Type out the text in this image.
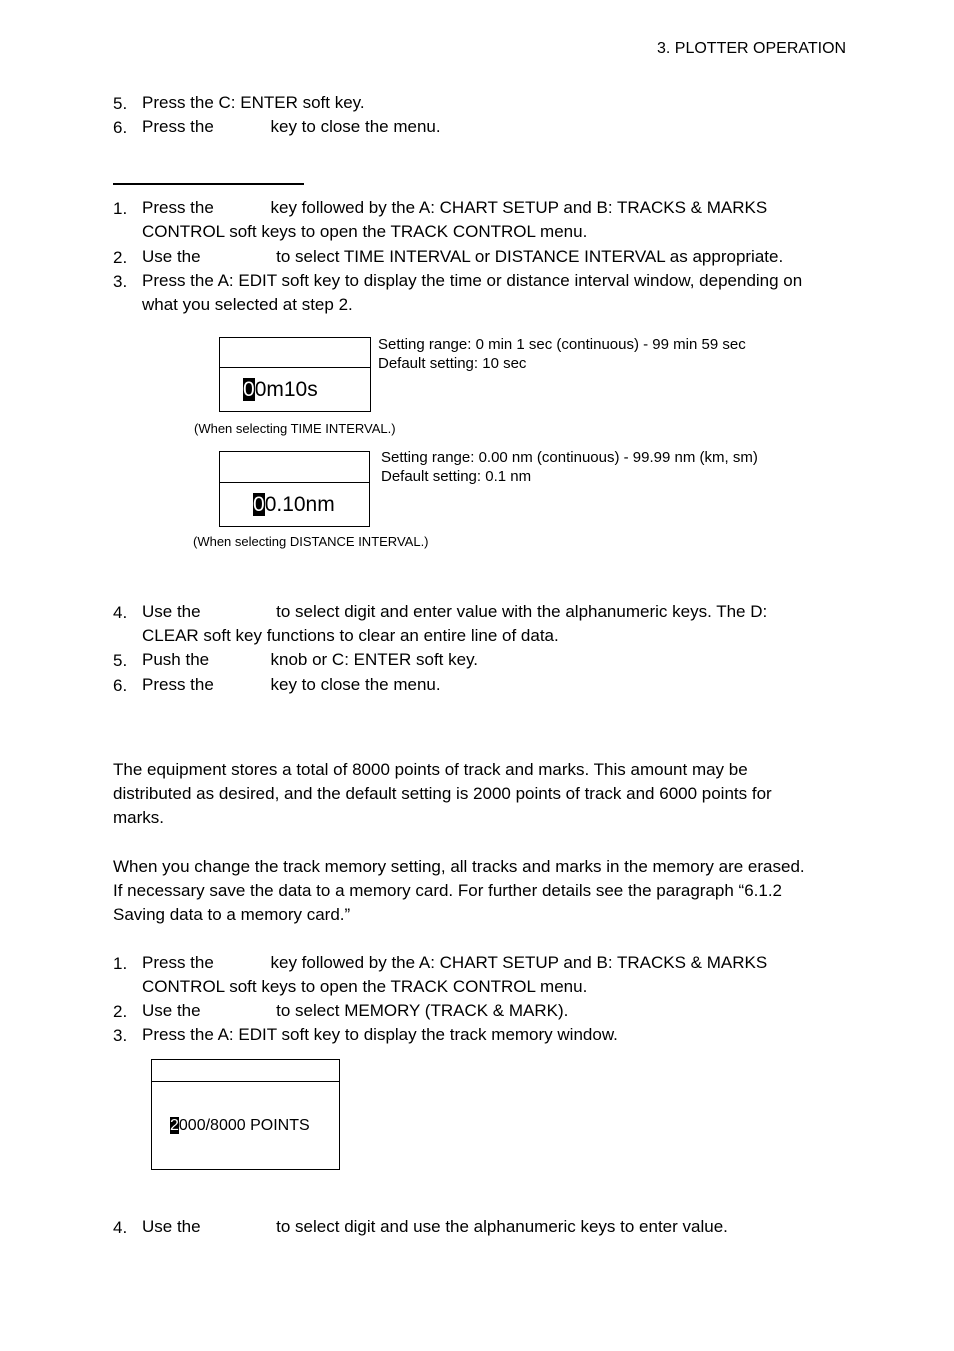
3. PLOTTER OPERATION
5. Press the C: ENTER soft key.
6. Press the            key to close the menu.
1. Press the            key followed by the A: CHART SETUP and B: TRACKS & MARKS
CONTROL soft keys to open the TRACK CONTROL menu.
2. Use the                to select TIME INTERVAL or DISTANCE INTERVAL as appropriate.
3. Press the A: EDIT soft key to display the time or distance interval window, depending on
what you selected at step 2.
00m10s
Setting range: 0 min 1 sec (continuous) - 99 min 59 sec
Default setting: 10 sec
(When selecting TIME INTERVAL.)
00.10nm
Setting range: 0.00 nm (continuous) - 99.99 nm (km, sm)
Default setting: 0.1 nm
(When selecting DISTANCE INTERVAL.)
4. Use the                to select digit and enter value with the alphanumeric keys. The D:
CLEAR soft key functions to clear an entire line of data.
5. Push the             knob or C: ENTER soft key.
6. Press the            key to close the menu.
The equipment stores a total of 8000 points of track and marks. This amount may be
distributed as desired, and the default setting is 2000 points of track and 6000 points for
marks.
When you change the track memory setting, all tracks and marks in the memory are erased.
If necessary save the data to a memory card. For further details see the paragraph “6.1.2
Saving data to a memory card.”
1. Press the            key followed by the A: CHART SETUP and B: TRACKS & MARKS
CONTROL soft keys to open the TRACK CONTROL menu.
2. Use the                to select MEMORY (TRACK & MARK).
3. Press the A: EDIT soft key to display the track memory window.
2000/8000 POINTS
4. Use the                to select digit and use the alphanumeric keys to enter value.
